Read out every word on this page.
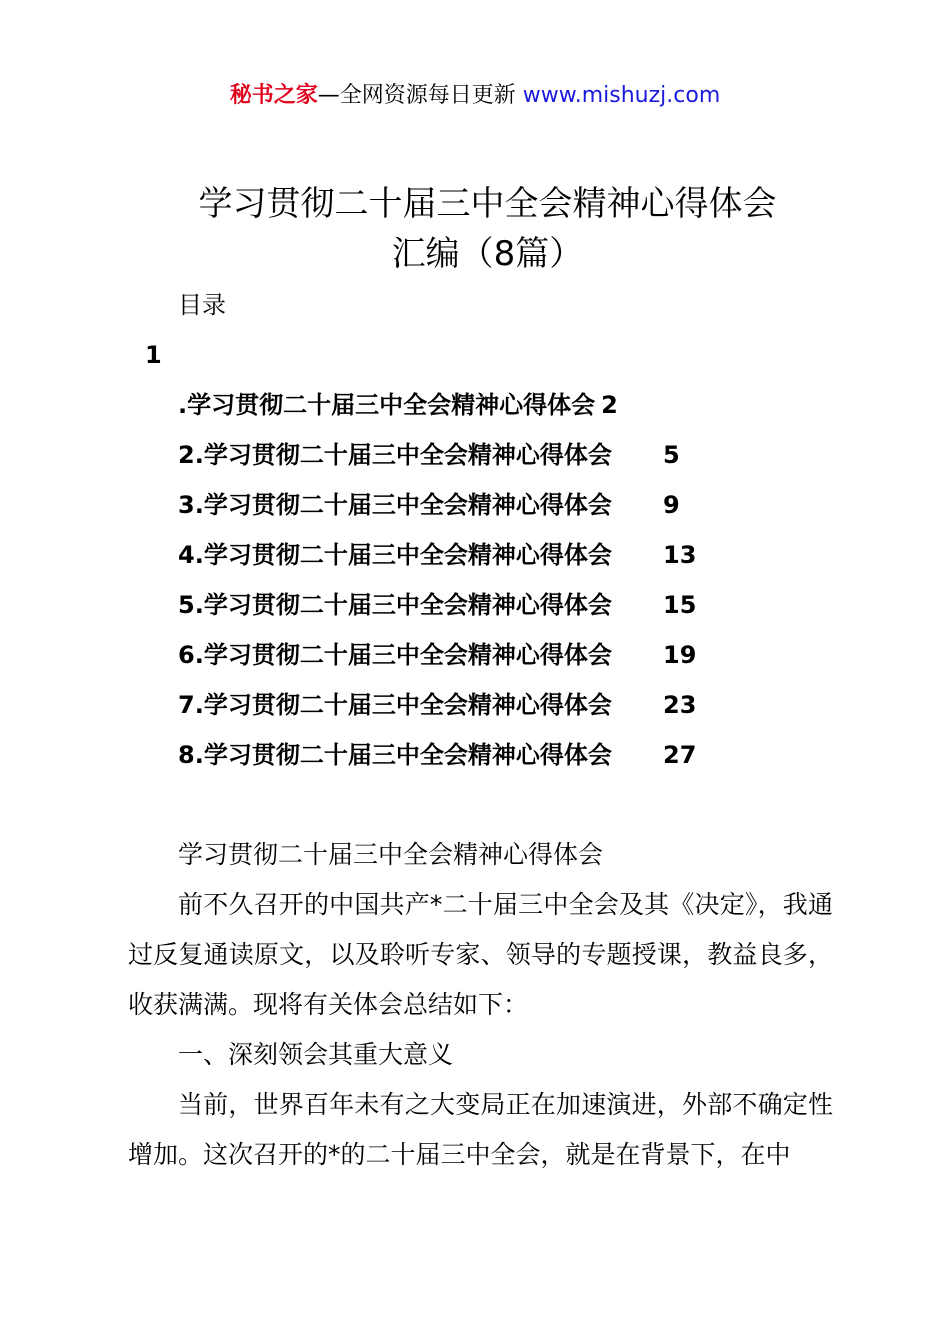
秘书之家—全网资源每日更新 www.mishuzj.com
学习贯彻二十届三中全会精神心得体会
汇编（8篇）
目录
1
.学习贯彻二十届三中全会精神心得体会 2
2.学习贯彻二十届三中全会精神心得体会 5
3.学习贯彻二十届三中全会精神心得体会 9
4.学习贯彻二十届三中全会精神心得体会 13
5.学习贯彻二十届三中全会精神心得体会 15
6.学习贯彻二十届三中全会精神心得体会 19
7.学习贯彻二十届三中全会精神心得体会 23
8.学习贯彻二十届三中全会精神心得体会 27
学习贯彻二十届三中全会精神心得体会

前不久召开的中国共产*二十届三中全会及其《决定》，我通过反复通读原文，以及聆听专家、领导的专题授课，教益良多，收获满满。现将有关体会总结如下：

一、深刻领会其重大意义

当前，世界百年未有之大变局正在加速演进，外部不确定性增加。这次召开的*的二十届三中全会，就是在背景下，在中
